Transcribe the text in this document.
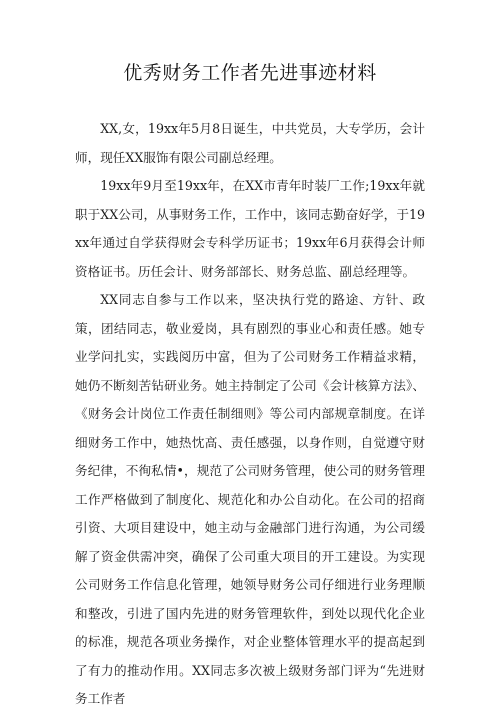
优秀财务工作者先进事迹材料

XX,女，19xx年5月8日诞生，中共党员，大专学历，会计师，现任XX服饰有限公司副总经理。

19xx年9月至19xx年，在XX市青年时装厂工作;19xx年就职于XX公司，从事财务工作，工作中，该同志勤奋好学，于19xx年通过自学获得财会专科学历证书；19xx年6月获得会计师资格证书。历任会计、财务部部长、财务总监、副总经理等。

XX同志自参与工作以来，坚决执行党的路途、方针、政策，团结同志，敬业爱岗，具有剧烈的事业心和责任感。她专业学问扎实，实践阅历中富，但为了公司财务工作精益求精，她仍不断刻苦钻研业务。她主持制定了公司《会计核算方法》、《财务会计岗位工作责任制细则》等公司内部规章制度。在详细财务工作中，她热忱高、责任感强，以身作则，自觉遵守财务纪律，不徇私情•，规范了公司财务管理，使公司的财务管理工作严格做到了制度化、规范化和办公自动化。在公司的招商引资、大项目建设中，她主动与金融部门进行沟通，为公司缓解了资金供需冲突，确保了公司重大项目的开工建设。为实现公司财务工作信息化管理，她领导财务公司仔细进行业务理顺和整改，引进了国内先进的财务管理软件，到处以现代化企业的标准，规范各项业务操作，对企业整体管理水平的提高起到了有力的推动作用。XX同志多次被上级财务部门评为“先进财务工作者
